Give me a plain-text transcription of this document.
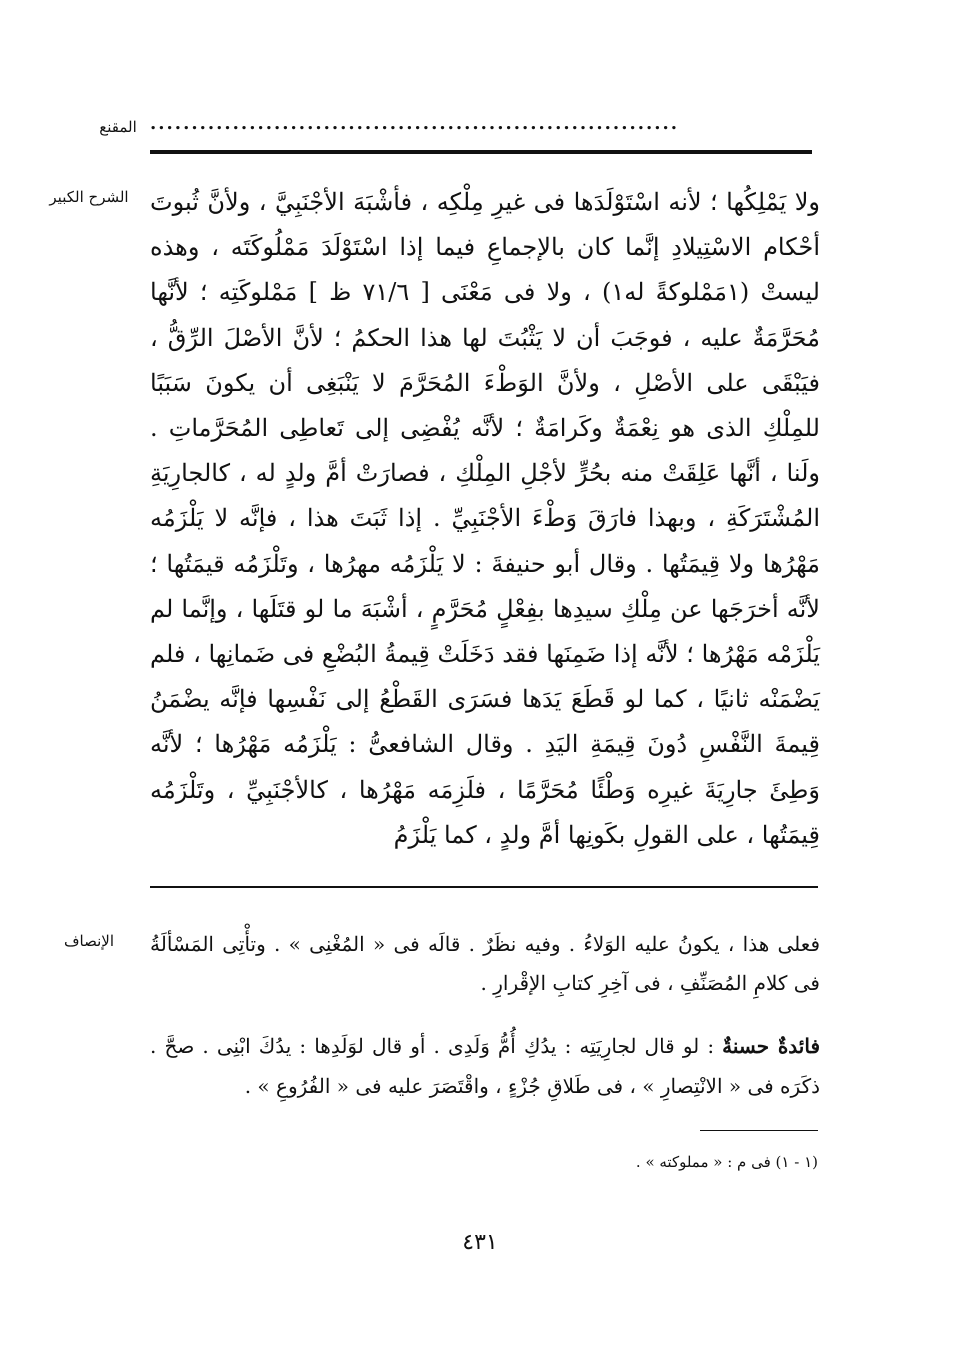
المقنع ................................................................
الشرح الكبير ولا يَمْلِكُها ؛ لأنه اسْتَوْلَدَها فى غيرِ مِلْكِه ، فأشْبَهَ الأجْنَبِيَّ ، ولأنَّ ثُبوتَ أحْكام الاسْتِيلادِ إنَّما كان بالإجماعِ فيما إذا اسْتَوْلَدَ مَمْلُوكَتَه ، وهذه ليستْ (١مَمْلوكةً له١) ، ولا فى مَعْنَى [ ٧١/٦ ظ ] مَمْلوكَتِه ؛ لأنَّها مُحَرَّمَةٌ عليه ، فوجَبَ أن لا يَثْبُتَ لها هذا الحكمُ ؛ لأنَّ الأصْلَ الرِّقُّ ، فيَبْقَى على الأصْلِ ، ولأنَّ الوَطْءَ المُحَرَّمَ لا يَنْبَغِى أن يكونَ سَبَبًا للمِلْكِ الذى هو نِعْمَةٌ وكَرامَةٌ ؛ لأنَّه يُفْضِى إلى تَعاطِى المُحَرَّماتِ . ولَنا ، أنَّها عَلِقَتْ منه بحُرٍّ لأجْلِ المِلْكِ ، فصارَتْ أمَّ ولدٍ له ، كالجارِيَةِ المُشْتَرَكَةِ ، وبهذا فارَقَ وَطْءَ الأجْنَبِيِّ . إذا ثَبَتَ هذا ، فإنَّه لا يَلْزَمُه مَهْرُها ولا قِيمَتُها . وقال أبو حنيفةَ : لا يَلْزَمُه مهرُها ، وتَلْزَمُه قيمَتُها ؛ لأنَّه أخرَجَها عن مِلْكِ سيدِها بفِعْلٍ مُحَرَّمٍ ، أشْبَهَ ما لو قتَلَها ، وإنَّما لم يَلْزَمْه مَهْرُها ؛ لأنَّه إذا ضَمِنَها فقد دَخَلَتْ قِيمةُ البُضْعِ فى ضَمانِها ، فلم يَضْمَنْه ثانيًا ، كما لو قَطَعَ يَدَها فسَرَى القَطْعُ إلى نَفْسِها فإنَّه يضْمَنُ قِيمةَ النَّفْسِ دُونَ قِيمَةِ اليَدِ . وقال الشافعىُّ : يَلْزَمُه مَهْرُها ؛ لأنَّه وَطِئَ جارِيَةَ غيرِه وَطْئًا مُحَرَّمًا ، فلَزِمَه مَهْرُها ، كالأجْنَبِيِّ ، وتَلْزَمُه قِيمَتُها ، على القولِ بكَونِها أمَّ ولدٍ ، كما يَلْزَمُ
الإنصاف	فعلى هذا ، يكونُ عليه الوَلاءُ . وفيه نظَرٌ . قالَه فى « المُغْنِى » . وتأْتِى المَسْألَةُ فى كلامِ المُصَنِّفِ ، فى آخِرِ كتابِ الإقْرارِ .
فائدةٌ حسنةٌ : لو قال لجارِيَتِه : يدُكِ أُمُّ وَلَدِى . أو قال لوَلَدِها : يدُكَ ابْنِى . صحَّ . ذكَرَه فى « الانْتِصارِ » ، فى طَلاقِ جُزْءٍ ، واقْتَصَرَ عليه فى « الفُرُوعِ » .
(١ - ١) فى م : « مملوكته » .
٤٣١
